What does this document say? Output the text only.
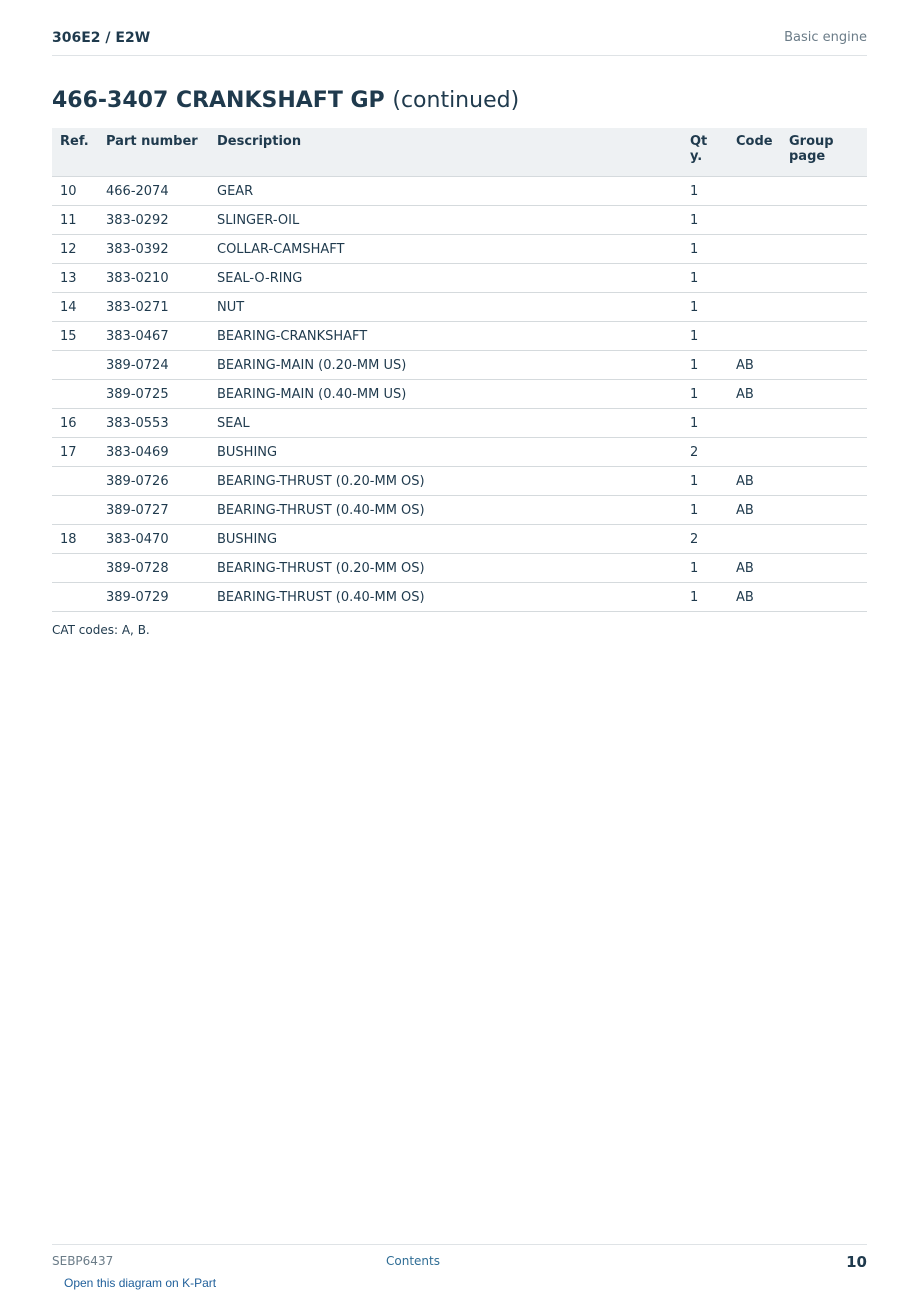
306E2 / E2W	Basic engine
466-3407 CRANKSHAFT GP (continued)
Ref.	Part number	Description	Qty.	Code	Group page
10	466-2074	GEAR	1		
11	383-0292	SLINGER-OIL	1		
12	383-0392	COLLAR-CAMSHAFT	1		
13	383-0210	SEAL-O-RING	1		
14	383-0271	NUT	1		
15	383-0467	BEARING-CRANKSHAFT	1		
	389-0724	BEARING-MAIN (0.20-MM US)	1	AB	
	389-0725	BEARING-MAIN (0.40-MM US)	1	AB	
16	383-0553	SEAL	1		
17	383-0469	BUSHING	2		
	389-0726	BEARING-THRUST (0.20-MM OS)	1	AB	
	389-0727	BEARING-THRUST (0.40-MM OS)	1	AB	
18	383-0470	BUSHING	2		
	389-0728	BEARING-THRUST (0.20-MM OS)	1	AB	
	389-0729	BEARING-THRUST (0.40-MM OS)	1	AB	
CAT codes: A, B.
SEBP6437	Contents	10
Open this diagram on K-Part
